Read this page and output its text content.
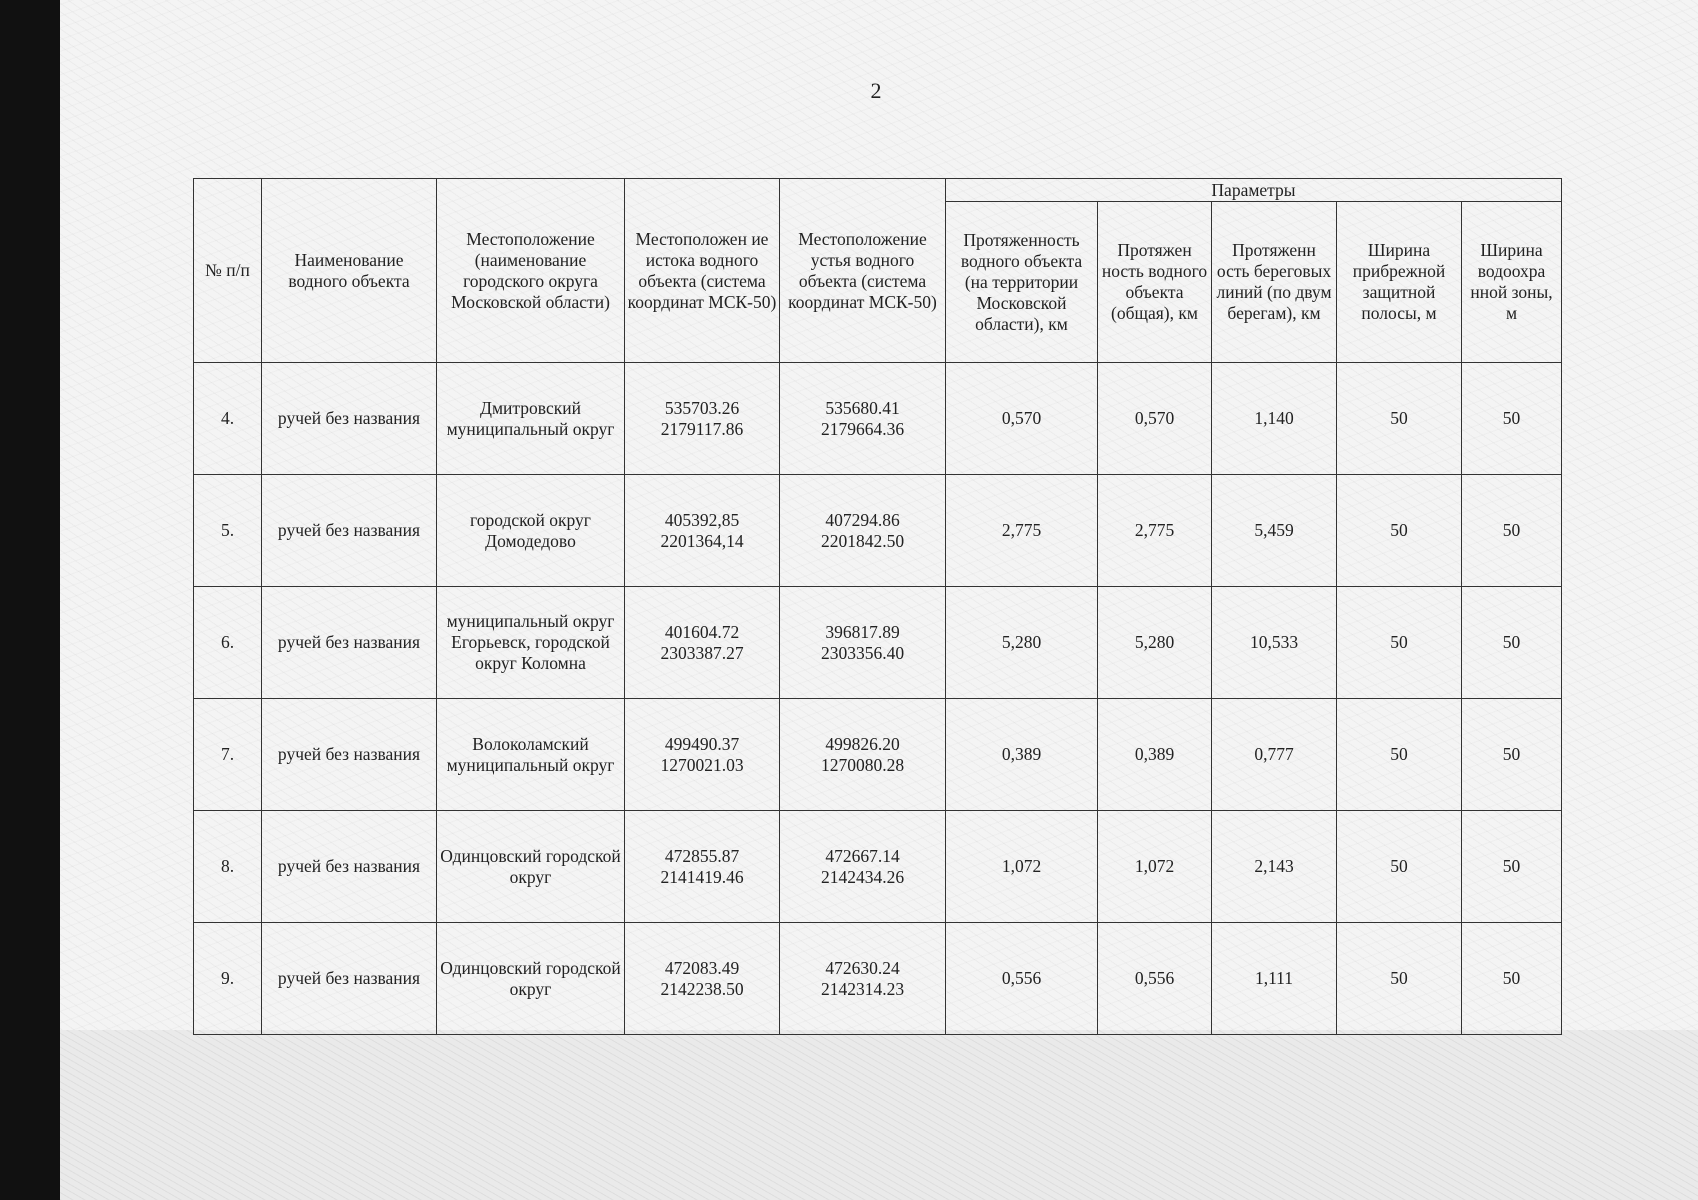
2
№ п/п	Наименование водного объекта	Местоположение (наименование городского округа Московской области)	Местоположен ие истока водного объекта (система координат МСК-50)	Местоположение устья водного объекта (система координат МСК-50)	Параметры				
					Протяженность водного объекта (на территории Московской области), км	Протяжен ность водного объекта (общая), км	Протяженн ость береговых линий (по двум берегам), км	Ширина прибрежной защитной полосы, м	Ширина водоохра нной зоны, м
4.	ручей без названия	Дмитровский муниципальный округ	535703.26 2179117.86	535680.41 2179664.36	0,570	0,570	1,140	50	50
5.	ручей без названия	городской округ Домодедово	405392,85 2201364,14	407294.86 2201842.50	2,775	2,775	5,459	50	50
6.	ручей без названия	муниципальный округ Егорьевск, городской округ Коломна	401604.72 2303387.27	396817.89 2303356.40	5,280	5,280	10,533	50	50
7.	ручей без названия	Волоколамский муниципальный округ	499490.37 1270021.03	499826.20 1270080.28	0,389	0,389	0,777	50	50
8.	ручей без названия	Одинцовский городской округ	472855.87 2141419.46	472667.14 2142434.26	1,072	1,072	2,143	50	50
9.	ручей без названия	Одинцовский городской округ	472083.49 2142238.50	472630.24 2142314.23	0,556	0,556	1,111	50	50
